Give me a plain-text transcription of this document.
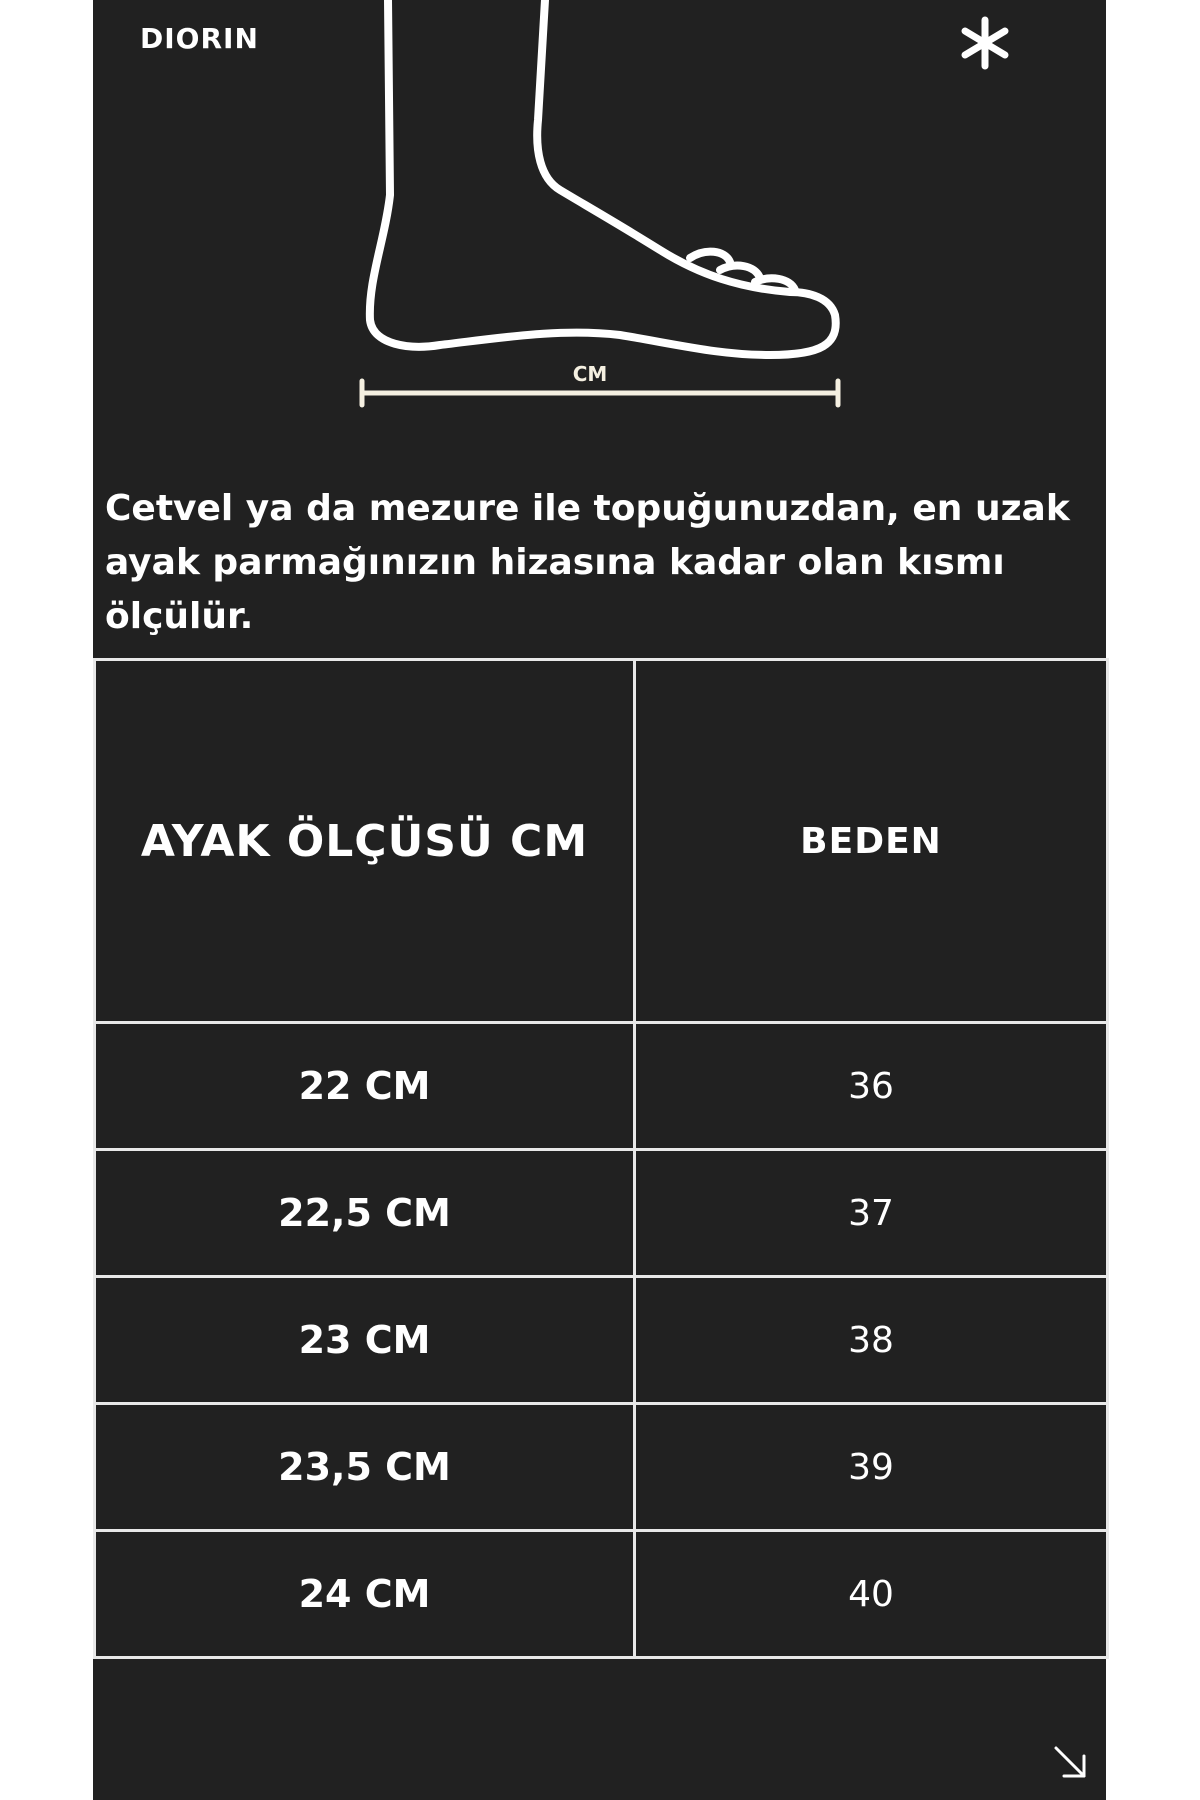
DIORIN
CM

Cetvel ya da mezure ile topuğunuzdan, en uzak ayak parmağınızın hizasına kadar olan kısmı ölçülür.

AYAK ÖLÇÜSÜ CM	BEDEN
22 CM	36
22,5 CM	37
23 CM	38
23,5 CM	39
24 CM	40
